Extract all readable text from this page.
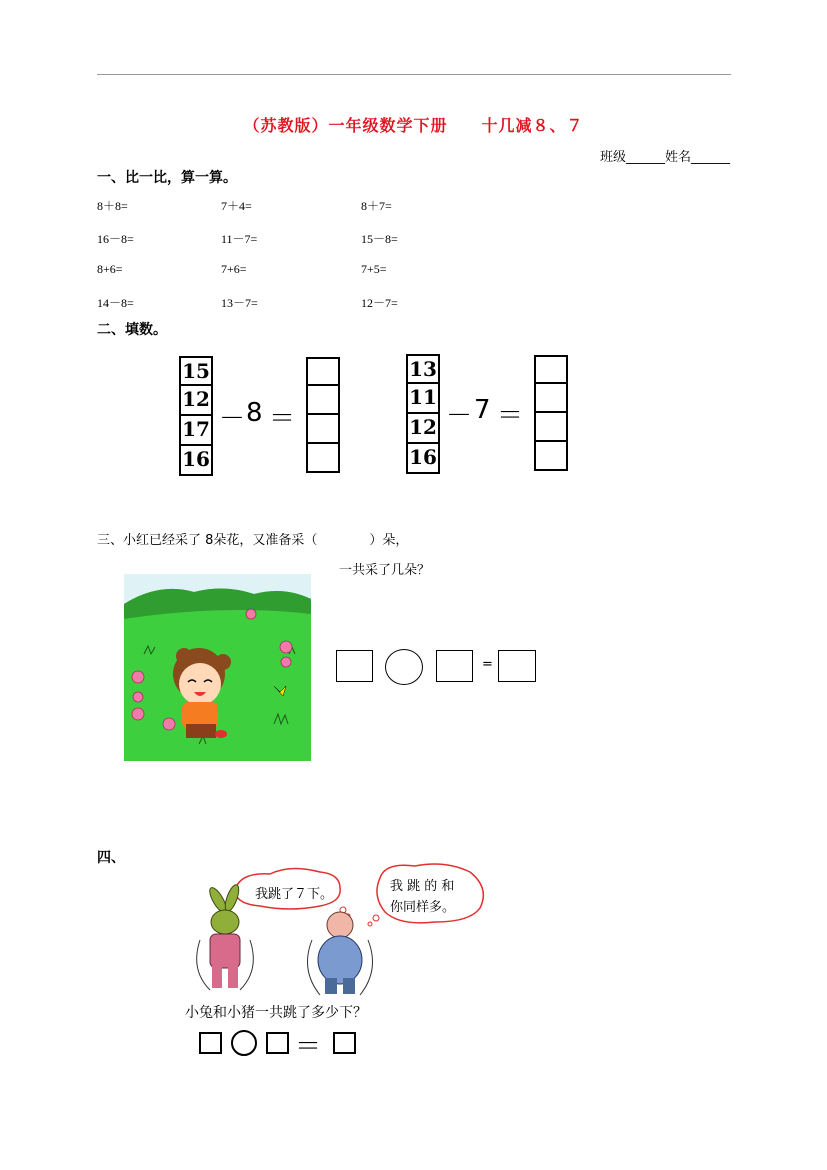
（苏教版）一年级数学下册　　十几减８、７
班级______姓名______
一、比一比，算一算。
8＋8=	7＋4=	8＋7=
16－8=	11－7=	15－8=
8+6=	7+6=	7+5=
14－8=	13－7=	12－7=
二、填数。
15
12
17
16
－ 8 ＝
13
11
12
16
－ 7 ＝
三、小红已经采了 8朵花，又准备采（　　　　）朵，
一共采了几朵？
=
四、
我跳了７下。
我 跳 的 和
你同样多。
小兔和小猪一共跳了多少下？
＝
